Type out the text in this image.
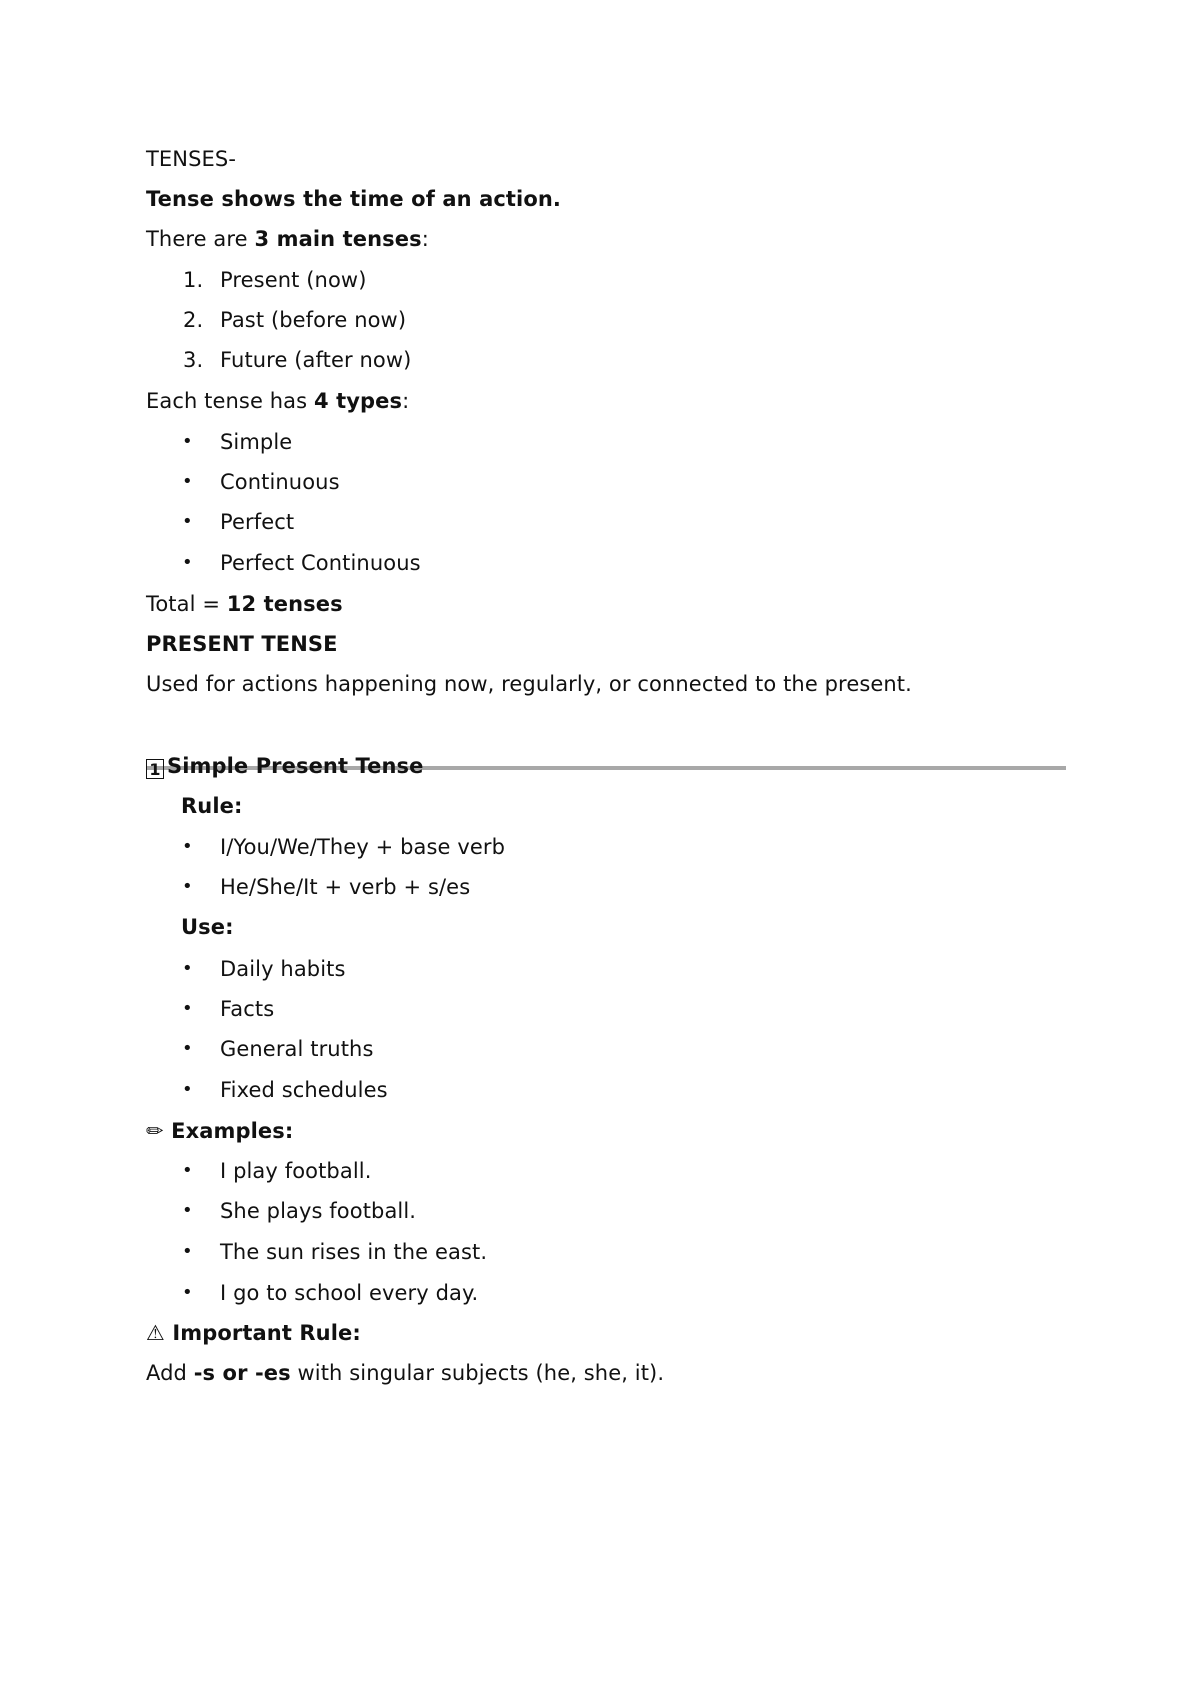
TENSES-
Tense shows the time of an action.
There are 3 main tenses:
1. Present (now)
2. Past (before now)
3. Future (after now)
Each tense has 4 types:
• Simple
• Continuous
• Perfect
• Perfect Continuous
Total = 12 tenses
PRESENT TENSE
Used for actions happening now, regularly, or connected to the present.
1 Simple Present Tense
Rule:
• I/You/We/They + base verb
• He/She/It + verb + s/es
Use:
• Daily habits
• Facts
• General truths
• Fixed schedules
✏ Examples:
• I play football.
• She plays football.
• The sun rises in the east.
• I go to school every day.
⚠ Important Rule:
Add -s or -es with singular subjects (he, she, it).
